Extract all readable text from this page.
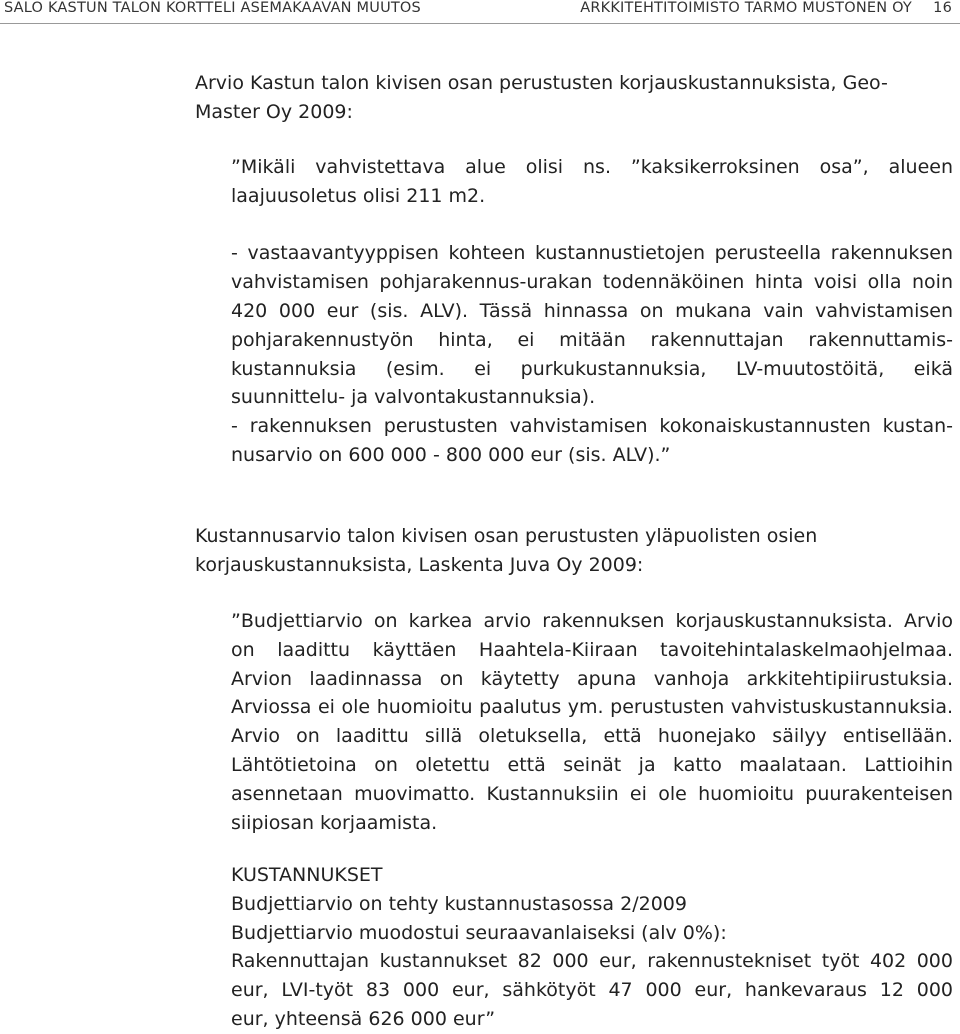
SALO KASTUN TALON KORTTELI ASEMAKAAVAN MUUTOS	ARKKITEHTITOIMISTO TARMO MUSTONEN OY 16
Arvio Kastun talon kivisen osan perustusten korjauskustannuksista, Geo-
Master Oy 2009:
”Mikäli vahvistettava alue olisi ns. ”kaksikerroksinen osa”, alueen
laajuusoletus olisi 211 m2.
- vastaavantyyppisen kohteen kustannustietojen perusteella rakennuksen
vahvistamisen pohjarakennus-urakan todennäköinen hinta voisi olla noin
420 000 eur (sis. ALV). Tässä hinnassa on mukana vain vahvistamisen
pohjarakennustyön hinta, ei mitään rakennuttajan rakennuttamis-
kustannuksia (esim. ei purkukustannuksia, LV-muutostöitä, eikä
suunnittelu- ja valvontakustannuksia).
- rakennuksen perustusten vahvistamisen kokonaiskustannusten kustan-
nusarvio on 600 000 - 800 000 eur (sis. ALV).”
Kustannusarvio talon kivisen osan perustusten yläpuolisten osien
korjauskustannuksista, Laskenta Juva Oy 2009:
”Budjettiarvio on karkea arvio rakennuksen korjauskustannuksista. Arvio
on laadittu käyttäen Haahtela-Kiiraan tavoitehintalaskelmaohjelmaa.
Arvion laadinnassa on käytetty apuna vanhoja arkkitehtipiirustuksia.
Arviossa ei ole huomioitu paalutus ym. perustusten vahvistuskustannuksia.
Arvio on laadittu sillä oletuksella, että huonejako säilyy entisellään.
Lähtötietoina on oletettu että seinät ja katto maalataan. Lattioihin
asennetaan muovimatto. Kustannuksiin ei ole huomioitu puurakenteisen
siipiosan korjaamista.
KUSTANNUKSET
Budjettiarvio on tehty kustannustasossa 2/2009
Budjettiarvio muodostui seuraavanlaiseksi (alv 0%):
Rakennuttajan kustannukset 82 000 eur, rakennustekniset työt 402 000
eur, LVI-työt 83 000 eur, sähkötyöt 47 000 eur, hankevaraus 12 000
eur, yhteensä 626 000 eur”
